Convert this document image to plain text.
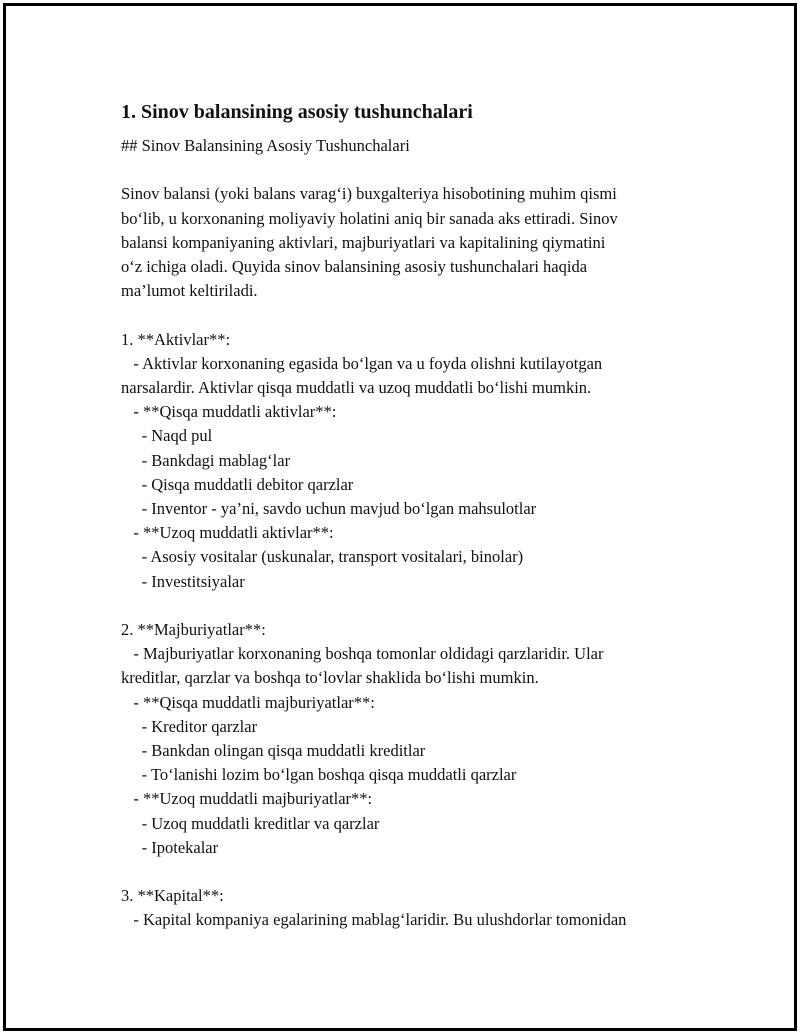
1. Sinov balansining asosiy tushunchalari
## Sinov Balansining Asosiy Tushunchalari
Sinov balansi (yoki balans varag‘i) buxgalteriya hisobotining muhim qismi
bo‘lib, u korxonaning moliyaviy holatini aniq bir sanada aks ettiradi. Sinov
balansi kompaniyaning aktivlari, majburiyatlari va kapitalining qiymatini
o‘z ichiga oladi. Quyida sinov balansining asosiy tushunchalari haqida
ma’lumot keltiriladi.
1. **Aktivlar**:
- Aktivlar korxonaning egasida bo‘lgan va u foyda olishni kutilayotgan
narsalardir. Aktivlar qisqa muddatli va uzoq muddatli bo‘lishi mumkin.
- **Qisqa muddatli aktivlar**:
- Naqd pul
- Bankdagi mablag‘lar
- Qisqa muddatli debitor qarzlar
- Inventor - ya’ni, savdo uchun mavjud bo‘lgan mahsulotlar
- **Uzoq muddatli aktivlar**:
- Asosiy vositalar (uskunalar, transport vositalari, binolar)
- Investitsiyalar
2. **Majburiyatlar**:
- Majburiyatlar korxonaning boshqa tomonlar oldidagi qarzlaridir. Ular
kreditlar, qarzlar va boshqa to‘lovlar shaklida bo‘lishi mumkin.
- **Qisqa muddatli majburiyatlar**:
- Kreditor qarzlar
- Bankdan olingan qisqa muddatli kreditlar
- To‘lanishi lozim bo‘lgan boshqa qisqa muddatli qarzlar
- **Uzoq muddatli majburiyatlar**:
- Uzoq muddatli kreditlar va qarzlar
- Ipotekalar
3. **Kapital**:
- Kapital kompaniya egalarining mablag‘laridir. Bu ulushdorlar tomonidan
